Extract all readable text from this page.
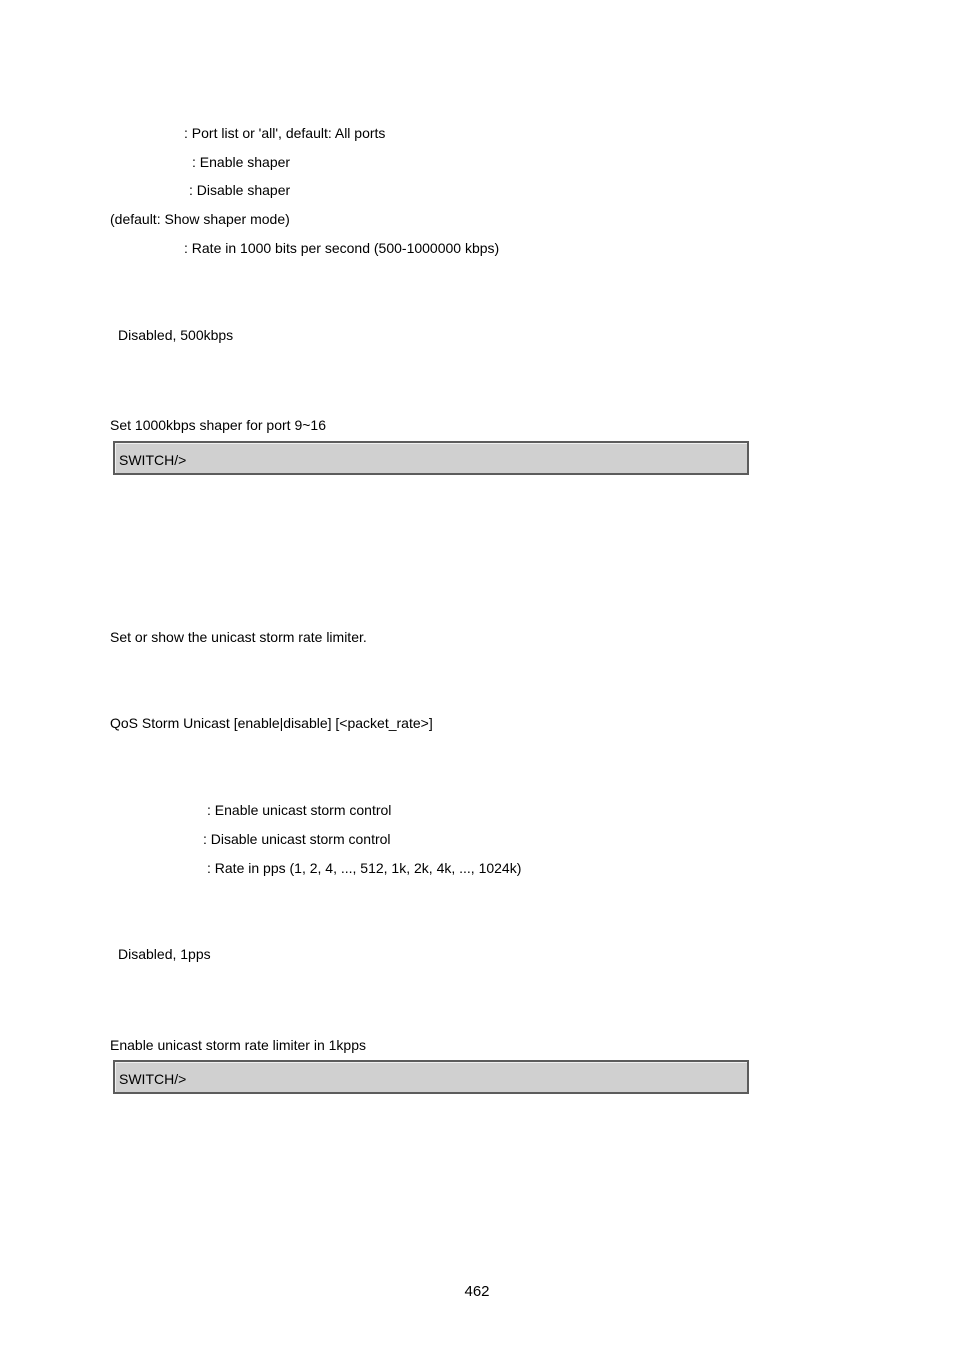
: Port list or 'all', default: All ports
: Enable shaper
: Disable shaper
(default: Show shaper mode)
: Rate in 1000 bits per second (500-1000000 kbps)
Disabled, 500kbps
Set 1000kbps shaper for port 9~16
SWITCH/>
Set or show the unicast storm rate limiter.
QoS Storm Unicast [enable|disable] [<packet_rate>]
: Enable unicast storm control
: Disable unicast storm control
: Rate in pps (1, 2, 4, ..., 512, 1k, 2k, 4k, ..., 1024k)
Disabled, 1pps
Enable unicast storm rate limiter in 1kpps
SWITCH/>
462
